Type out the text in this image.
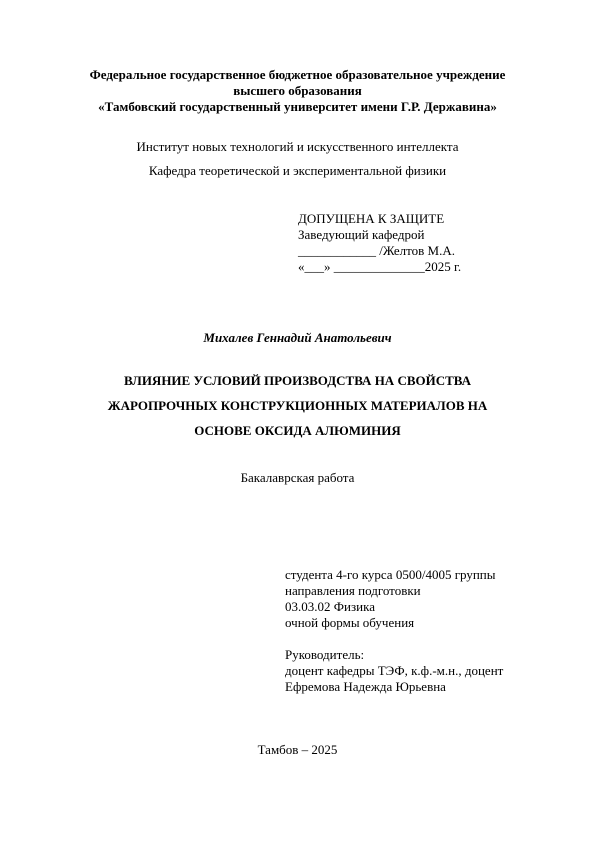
Федеральное государственное бюджетное образовательное учреждение
высшего образования
«Тамбовский государственный университет имени Г.Р. Державина»
Институт новых технологий и искусственного интеллекта
Кафедра теоретической и экспериментальной физики
ДОПУЩЕНА К ЗАЩИТЕ
Заведующий кафедрой
____________ /Желтов М.А.
«___» ______________2025 г.
Михалев Геннадий Анатольевич
ВЛИЯНИЕ УСЛОВИЙ ПРОИЗВОДСТВА НА СВОЙСТВА
ЖАРОПРОЧНЫХ КОНСТРУКЦИОННЫХ МАТЕРИАЛОВ НА
ОСНОВЕ ОКСИДА АЛЮМИНИЯ
Бакалаврская работа
студента 4-го курса 0500/4005 группы
направления подготовки
03.03.02 Физика
очной формы обучения
Руководитель:
доцент кафедры ТЭФ, к.ф.-м.н., доцент
Ефремова Надежда Юрьевна
Тамбов – 2025
